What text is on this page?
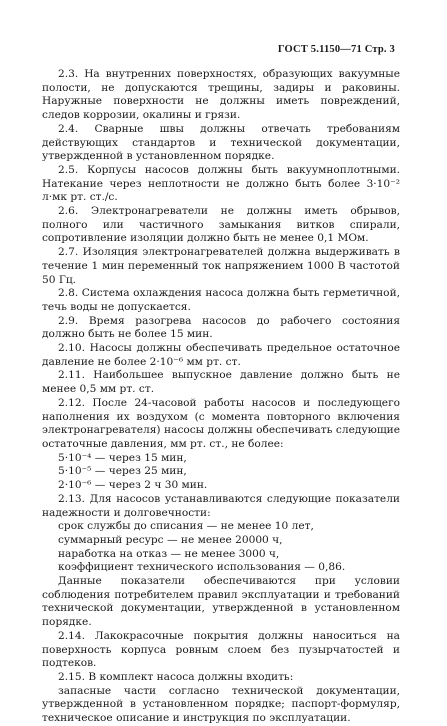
ГОСТ 5.1150—71 Стр. 3

2.3. На внутренних поверхностях, образующих вакуумные полости, не допускаются трещины, задиры и раковины. Наружные поверхности не должны иметь повреждений, следов коррозии, окалины и грязи.

2.4. Сварные швы должны отвечать требованиям действующих стандартов и технической документации, утвержденной в установленном порядке.

2.5. Корпусы насосов должны быть вакуумноплотными. Натекание через неплотности не должно быть более 3·10⁻² л·мк рт. ст./с.

2.6. Электронагреватели не должны иметь обрывов, полного или частичного замыкания витков спирали, сопротивление изоляции должно быть не менее 0,1 МОм.

2.7. Изоляция электронагревателей должна выдерживать в течение 1 мин переменный ток напряжением 1000 В частотой 50 Гц.

2.8. Система охлаждения насоса должна быть герметичной, течь воды не допускается.

2.9. Время разогрева насосов до рабочего состояния должно быть не более 15 мин.

2.10. Насосы должны обеспечивать предельное остаточное давление не более 2·10⁻⁶ мм рт. ст.

2.11. Наибольшее выпускное давление должно быть не менее 0,5 мм рт. ст.

2.12. После 24-часовой работы насосов и последующего наполнения их воздухом (с момента повторного включения электронагревателя) насосы должны обеспечивать следующие остаточные давления, мм рт. ст., не более:

5·10⁻⁴ — через 15 мин,

5·10⁻⁵ — через 25 мин,

2·10⁻⁶ — через 2 ч 30 мин.

2.13. Для насосов устанавливаются следующие показатели надежности и долговечности:

срок службы до списания — не менее 10 лет,

суммарный ресурс — не менее 20000 ч,

наработка на отказ — не менее 3000 ч,

коэффициент технического использования — 0,86.

Данные показатели обеспечиваются при условии соблюдения потребителем правил эксплуатации и требований технической документации, утвержденной в установленном порядке.

2.14. Лакокрасочные покрытия должны наноситься на поверхность корпуса ровным слоем без пузырчатостей и подтеков.

2.15. В комплект насоса должны входить:

запасные части согласно технической документации, утвержденной в установленном порядке; паспорт-формуляр, техническое описание и инструкция по эксплуатации.
